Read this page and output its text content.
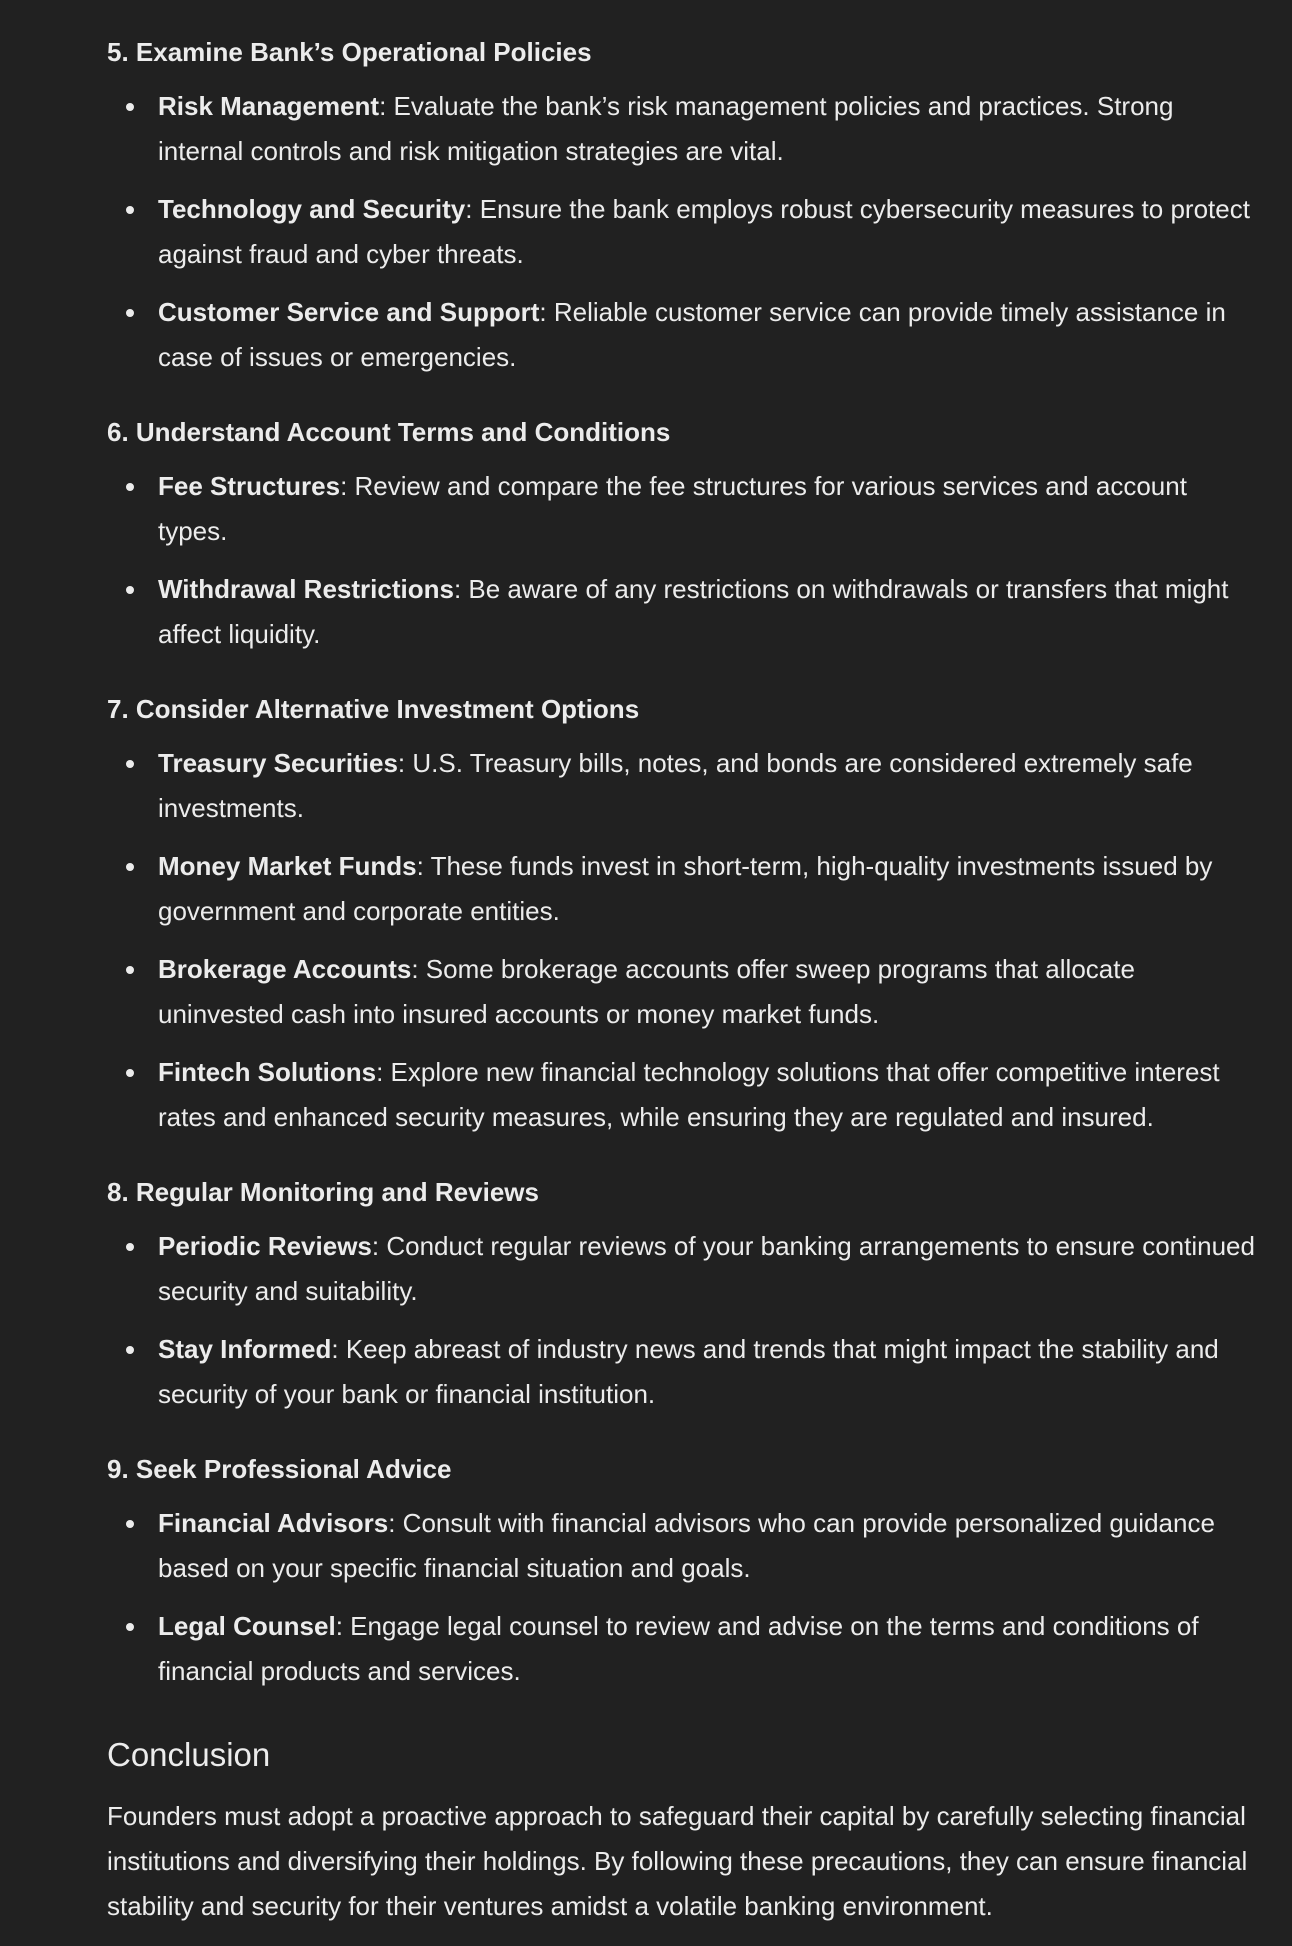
5. Examine Bank’s Operational Policies
Risk Management: Evaluate the bank’s risk management policies and practices. Strong internal controls and risk mitigation strategies are vital.
Technology and Security: Ensure the bank employs robust cybersecurity measures to protect against fraud and cyber threats.
Customer Service and Support: Reliable customer service can provide timely assistance in case of issues or emergencies.
6. Understand Account Terms and Conditions
Fee Structures: Review and compare the fee structures for various services and account types.
Withdrawal Restrictions: Be aware of any restrictions on withdrawals or transfers that might affect liquidity.
7. Consider Alternative Investment Options
Treasury Securities: U.S. Treasury bills, notes, and bonds are considered extremely safe investments.
Money Market Funds: These funds invest in short-term, high-quality investments issued by government and corporate entities.
Brokerage Accounts: Some brokerage accounts offer sweep programs that allocate uninvested cash into insured accounts or money market funds.
Fintech Solutions: Explore new financial technology solutions that offer competitive interest rates and enhanced security measures, while ensuring they are regulated and insured.
8. Regular Monitoring and Reviews
Periodic Reviews: Conduct regular reviews of your banking arrangements to ensure continued security and suitability.
Stay Informed: Keep abreast of industry news and trends that might impact the stability and security of your bank or financial institution.
9. Seek Professional Advice
Financial Advisors: Consult with financial advisors who can provide personalized guidance based on your specific financial situation and goals.
Legal Counsel: Engage legal counsel to review and advise on the terms and conditions of financial products and services.
Conclusion

Founders must adopt a proactive approach to safeguard their capital by carefully selecting financial institutions and diversifying their holdings. By following these precautions, they can ensure financial stability and security for their ventures amidst a volatile banking environment.
